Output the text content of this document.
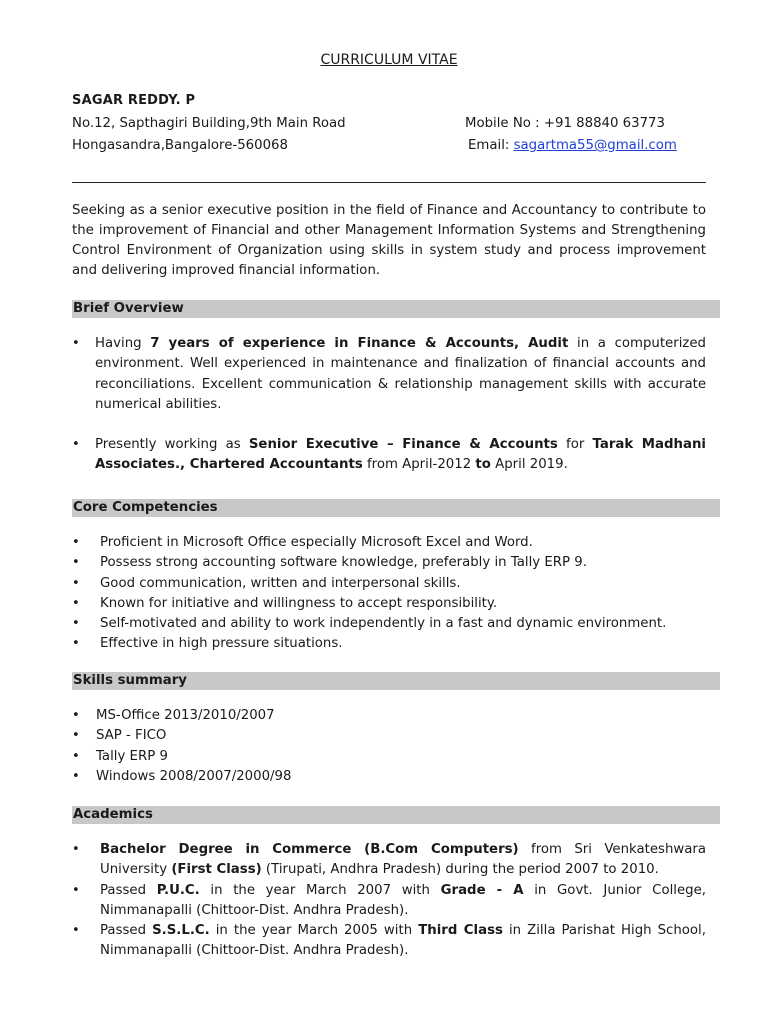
CURRICULUM VITAE
SAGAR REDDY. P
No.12, Sapthagiri Building,9th Main Road
Hongasandra,Bangalore-560068
Mobile No : +91 88840 63773
Email: sagartma55@gmail.com
Seeking as a senior executive position in the field of Finance and Accountancy to contribute to the improvement of Financial and other Management Information Systems and Strengthening Control Environment of Organization using skills in system study and process improvement and delivering improved financial information.
Brief Overview
• Having 7 years of experience in Finance & Accounts, Audit in a computerized environment. Well experienced in maintenance and finalization of financial accounts and reconciliations. Excellent communication & relationship management skills with accurate numerical abilities.
• Presently working as Senior Executive – Finance & Accounts for Tarak Madhani Associates., Chartered Accountants from April-2012 to April 2019.
Core Competencies
• Proficient in Microsoft Office especially Microsoft Excel and Word.
• Possess strong accounting software knowledge, preferably in Tally ERP 9.
• Good communication, written and interpersonal skills.
• Known for initiative and willingness to accept responsibility.
• Self-motivated and ability to work independently in a fast and dynamic environment.
• Effective in high pressure situations.
Skills summary
• MS-Office 2013/2010/2007
• SAP - FICO
• Tally ERP 9
• Windows 2008/2007/2000/98
Academics
• Bachelor Degree in Commerce (B.Com Computers) from Sri Venkateshwara University (First Class) (Tirupati, Andhra Pradesh) during the period 2007 to 2010.
• Passed P.U.C. in the year March 2007 with Grade - A in Govt. Junior College, Nimmanapalli (Chittoor-Dist. Andhra Pradesh).
• Passed S.S.L.C. in the year March 2005 with Third Class in Zilla Parishat High School, Nimmanapalli (Chittoor-Dist. Andhra Pradesh).
